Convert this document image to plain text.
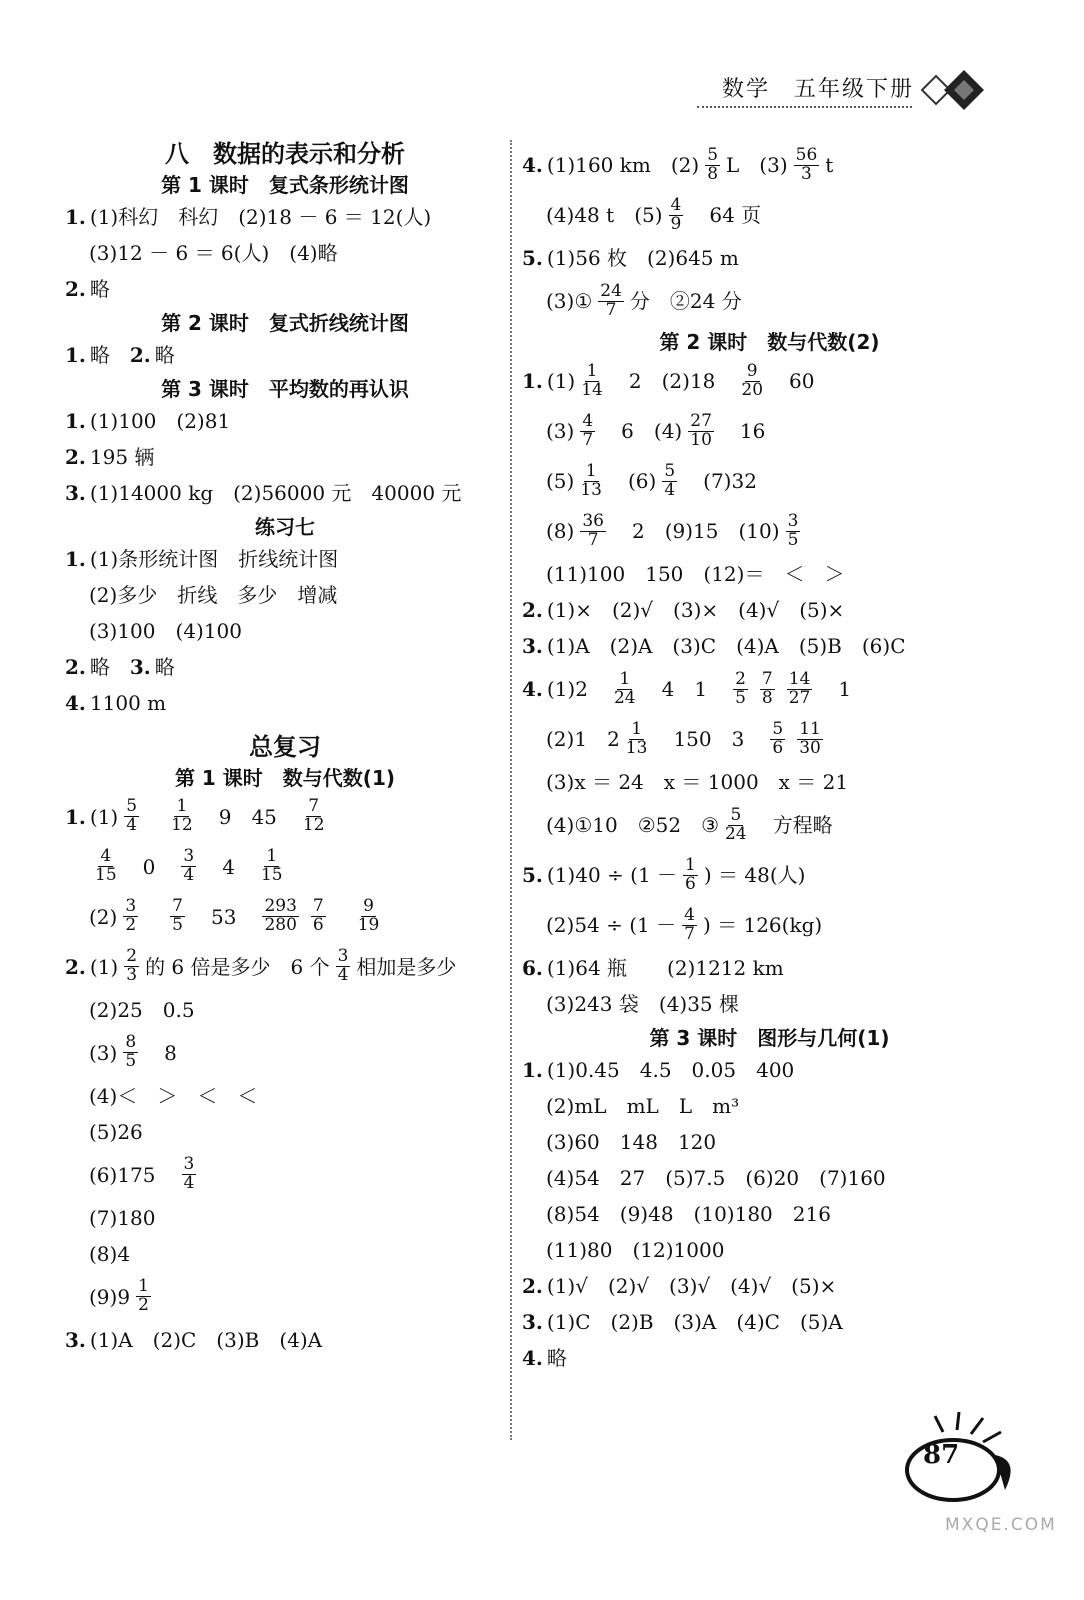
数学　五年级下册
八　数据的表示和分析
第 1 课时　复式条形统计图
1. (1)科幻　科幻　(2)18 － 6 ＝ 12(人)
(3)12 － 6 ＝ 6(人)　(4)略
2. 略
第 2 课时　复式折线统计图
1. 略 2. 略
第 3 课时　平均数的再认识
1. (1)100　(2)81
2. 195 辆
3. (1)14000 kg　(2)56000 元　40000 元
练习七
1. (1)条形统计图　折线统计图
(2)多少　折线　多少　增减
(3)100　(4)100
2. 略 3. 略
4. 1100 m
总复习
第 1 课时　数与代数(1)
1. $(1) \frac{5}{4} \frac{1}{12} 9$ $45 \frac{7}{12}$
$\frac{4}{15} 0 \frac{3}{4} 4 \frac{1}{15}$
$(2) \frac{3}{2} \frac{7}{5} 53 \frac{293}{280} \frac{7}{6} \frac{9}{19}$
2. $(1) \frac{2}{3}$ 的 6 倍是多少　6 个 $\frac{3}{4}$ 相加是多少
(2)25　0.5
$(3) \frac{8}{5} 8$
(4)＜　＞　＜　＜
(5)26
$(6)175 \frac{3}{4}$
(7)180
(8)4
$(9)9 \frac{1}{2}$
3. (1)A　(2)C　(3)B　(4)A
4. (1)160 km $(2) \frac{5}{8}$ L $(3) \frac{56}{3}$ t
(4)48 t $(5) \frac{4}{9} 64$ 页
5. (1)56 枚　(2)645 m
(3)① $\frac{24}{7}$ 分 ②24 分
第 2 课时　数与代数(2)
1. $(1) \frac{1}{14} 2$ $(2)18 \frac{9}{20} 60$
$(3) \frac{4}{7} 6$ $(4) \frac{27}{10} 16$
$(5) \frac{1}{13} (6) \frac{5}{4} (7)32$
$(8) \frac{36}{7} 2$ (9)15 $(10) \frac{3}{5}$
(11)100　150　(12)＝　＜　＞
2. (1)×　(2)√　(3)×　(4)√　(5)×
3. (1)A　(2)A　(3)C　(4)A　(5)B　(6)C
4. $(1)2 \frac{1}{24} 4$ $1 \frac{2}{5} \frac{7}{8} \frac{14}{27} 1$
(2)1 $2 \frac{1}{13} 150$ $3 \frac{5}{6} \frac{11}{30}$
(3)x ＝ 24　x ＝ 1000　x ＝ 21
(4)①10 ②52 ③ $\frac{5}{24}$ 方程略
5. $(1)40 \div (1 - \frac{1}{6}$ ) ＝ 48(人)
$(2)54 \div (1 - \frac{4}{7}$ ) ＝ 126(kg)
6. (1)64 瓶　　(2)1212 km
(3)243 袋　(4)35 棵
第 3 课时　图形与几何(1)
1. (1)0.45　4.5　0.05　400
(2)mL　mL　L　m³
(3)60　148　120
(4)54　27　(5)7.5　(6)20　(7)160
(8)54　(9)48　(10)180　216
(11)80　(12)1000
2. (1)√　(2)√　(3)√　(4)√　(5)×
3. (1)C　(2)B　(3)A　(4)C　(5)A
4. 略
87
MXQE.COM
